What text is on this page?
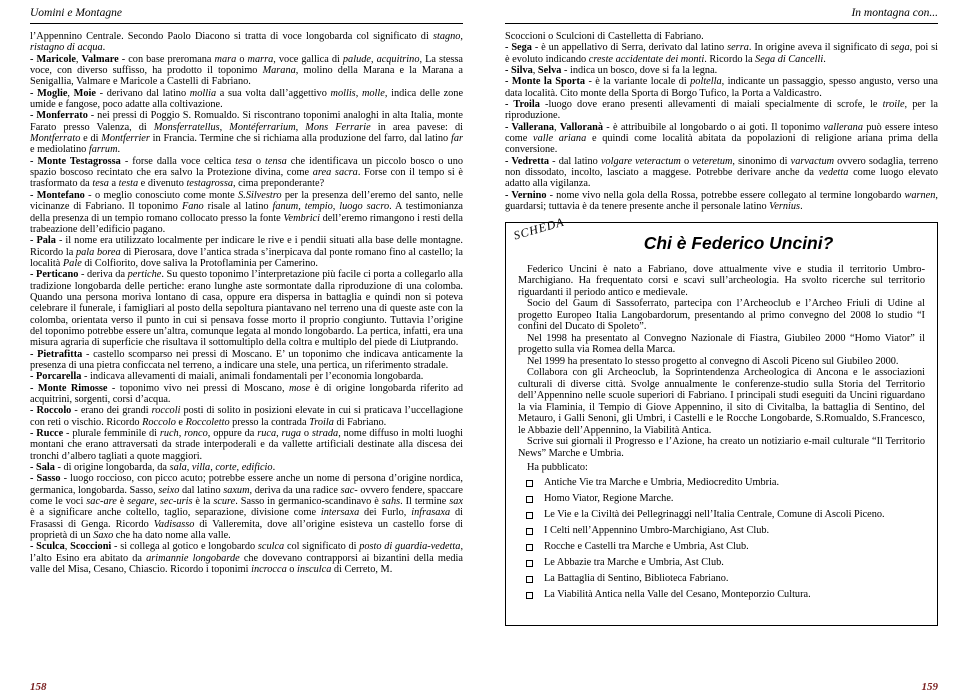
Uomini e Montagne

l’Appennino Centrale. Secondo Paolo Diacono si tratta di voce longobarda col significato di stagno, ristagno di acqua.

- Maricole, Valmare - con base preromana mara o marra, voce gallica di palude, acquitrino, La stessa voce, con diverso suffisso, ha prodotto il toponimo Marana, molino della Marana e la Marana a Senigallia, Valmare e Maricole a Castelli di Fabriano.

- Moglie, Moie - derivano dal latino mollia a sua volta dall’aggettivo mollis, molle, indica delle zone umide e fangose, poco adatte alla coltivazione.

- Monferrato - nei pressi di Poggio S. Romualdo. Si riscontrano toponimi analoghi in alta Italia, monte Farato presso Valenza, di Monsferratellus, Montéferrarium, Mons Ferrarie in area pavese: di Montferrato e di Montferrier in Francia. Termine che si richiama alla produzione del farro, dal latino far e mediolatino farrum.

- Monte Testagrossa - forse dalla voce celtica tesa o tensa che identificava un piccolo bosco o uno spazio boscoso recintato che era salvo la Protezione divina, come area sacra. Forse con il tempo si è trasformato da tesa a testa e divenuto testagrossa, cima preponderante?

- Montefano - o meglio conosciuto come monte S.Silvestro per la presenza dell’eremo del santo, nelle vicinanze di Fabriano. Il toponimo Fano risale al latino fanum, tempio, luogo sacro. A testimonianza della presenza di un tempio romano collocato presso la fonte Vembrici dell’eremo rimangono i resti della trabeazione dell’edificio pagano.

- Pala - il nome era utilizzato localmente per indicare le rive e i pendii situati alla base delle montagne. Ricordo la pala borea di Pierosara, dove l’antica strada s’inerpicava dal ponte romano fino al castello; la località Pale di Colfiorito, dove saliva la Protoflaminia per Camerino.

- Perticano - deriva da pertiche. Su questo toponimo l’interpretazione più facile ci porta a collegarlo alla tradizione longobarda delle pertiche: erano lunghe aste sormontate dalla riproduzione di una colomba. Quando una persona moriva lontano di casa, oppure era dispersa in battaglia e quindi non si poteva celebrare il funerale, i famigliari al posto della sepoltura piantavano nel terreno una di queste aste con la colomba, orientata verso il punto in cui si pensava fosse morto il proprio congiunto. Tuttavia l’origine del toponimo potrebbe essere un’altra, comunque legata al mondo longobardo. La pertica, infatti, era una misura agraria di superficie che risultava il sottomultiplo della coltra e multiplo del piede di Liutprando.

- Pietrafitta - castello scomparso nei pressi di Moscano. E’ un toponimo che indicava anticamente la presenza di una pietra conficcata nel terreno, a indicare una stele, una pertica, un riferimento stradale.

- Porcarella - indicava allevamenti di maiali, animali fondamentali per l’economia longobarda.

- Monte Rimosse - toponimo vivo nei pressi di Moscano, mose è di origine longobarda riferito ad acquitrini, sorgenti, corsi d’acqua.

- Roccolo - erano dei grandi roccoli posti di solito in posizioni elevate in cui si praticava l’uccellagione con reti o vischio. Ricordo Roccolo e Roccoletto presso la contrada Troila di Fabriano.

- Rucce - plurale femminile di ruch, ronco, oppure da ruca, ruga o strada, nome diffuso in molti luoghi montani che erano attraversati da strade interpoderali e da vallette artificiali destinate alla discesa dei tronchi d’albero tagliati a quote maggiori.

- Sala - di origine longobarda, da sala, villa, corte, edificio.

- Sasso - luogo roccioso, con picco acuto; potrebbe essere anche un nome di persona d’origine nordica, germanica, longobarda. Sasso, seixo dal latino saxum, deriva da una radice sac- ovvero fendere, spaccare come le voci sac-are è segare, sec-uris è la scure. Sasso in germanico-scandinavo è sahs. Il termine sax è a significare anche coltello, taglio, separazione, divisione come intersaxa dei Furlo, infrasaxa di Frasassi di Genga. Ricordo Vadisasso di Valleremita, dove all’origine esisteva un castello forse di proprietà di un Saxo che ha dato nome alla valle.

- Sculca, Scoccioni - si collega al gotico e longobardo sculca col significato di posto di guardia-vedetta, l’alto Esino era abitato da arimannie longobarde che dovevano contrapporsi ai bizantini della media valle del Misa, Cesano, Chiascio. Ricordo i toponimi incrocca o insculca di Cerreto, M.

158
In montagna con...

Scoccioni o Sculcioni di Castelletta di Fabriano.

- Sega - è un appellativo di Serra, derivato dal latino serra. In origine aveva il significato di sega, poi si è evoluto indicando creste accidentate dei monti. Ricordo la Sega di Cancelli.

- Silva, Selva - indica un bosco, dove si fa la legna.

- Monte la Sporta - è la variante locale di poltella, indicante un passaggio, spesso angusto, verso una data località. Cito monte della Sporta di Borgo Tufico, la Porta a Valdicastro.

- Troila -luogo dove erano presenti allevamenti di maiali specialmente di scrofe, le troile, per la riproduzione.

- Vallerana, Valloranà - è attribuibile al longobardo o ai goti. Il toponimo vallerana può essere inteso come valle ariana e quindi come località abitata da popolazioni di religione ariana prima della conversione.

- Vedretta - dal latino volgare veteractum o veteretum, sinonimo di varvactum ovvero sodaglia, terreno non dissodato, incolto, lasciato a maggese. Potrebbe derivare anche da vedetta come luogo elevato adatto alla vigilanza.

- Vernino - nome vivo nella gola della Rossa, potrebbe essere collegato al termine longobardo warnen, guardarsi; tuttavia è da tenere presente anche il personale latino Vernius.

SCHEDA
Chi è Federico Uncini?

Federico Uncini è nato a Fabriano, dove attualmente vive e studia il territorio Umbro-Marchigiano. Ha frequentato corsi e scavi sull’archeologia. Ha svolto ricerche sul territorio riguardanti il periodo antico e medievale.

Socio del Gaum di Sassoferrato, partecipa con l’Archeoclub e l’Archeo Friuli di Udine al progetto Europeo Italia Langobardorum, presentando al primo convegno del 2008 lo studio “I confini del Ducato di Spoleto”.

Nel 1998 ha presentato al Convegno Nazionale di Fiastra, Giubileo 2000 “Homo Viator” il progetto sulla via Romea della Marca.

Nel 1999 ha presentato lo stesso progetto al convegno di Ascoli Piceno sul Giubileo 2000.

Collabora con gli Archeoclub, la Soprintendenza Archeologica di Ancona e le associazioni culturali di diverse città. Svolge annualmente le conferenze-studio sulla Storia del Territorio dell’Appennino nelle scuole superiori di Fabriano. I principali studi eseguiti da Uncini riguardano la via Flaminia, il Tempio di Giove Appennino, il sito di Civitalba, la battaglia di Sentino, del Metauro, i Galli Senoni, gli Umbri, i Castelli e le Rocche Longobarde, S.Romualdo, S.Francesco, le Abbazie dell’Appennino, la Viabilità Antica.

Scrive sui giornali il Progresso e l’Azione, ha creato un notiziario e-mail culturale “Il Territorio News” Marche e Umbria.

Ha pubblicato:

Antiche Vie tra Marche e Umbria, Mediocredito Umbria.
Homo Viator, Regione Marche.
Le Vie e la Civiltà dei Pellegrinaggi nell’Italia Centrale, Comune di Ascoli Piceno.
I Celti nell’Appennino Umbro-Marchigiano, Ast Club.
Rocche e Castelli tra Marche e Umbria, Ast Club.
Le Abbazie tra Marche e Umbria, Ast Club.
La Battaglia di Sentino, Biblioteca Fabriano.
La Viabilità Antica nella Valle del Cesano, Monteporzio Cultura.
159
